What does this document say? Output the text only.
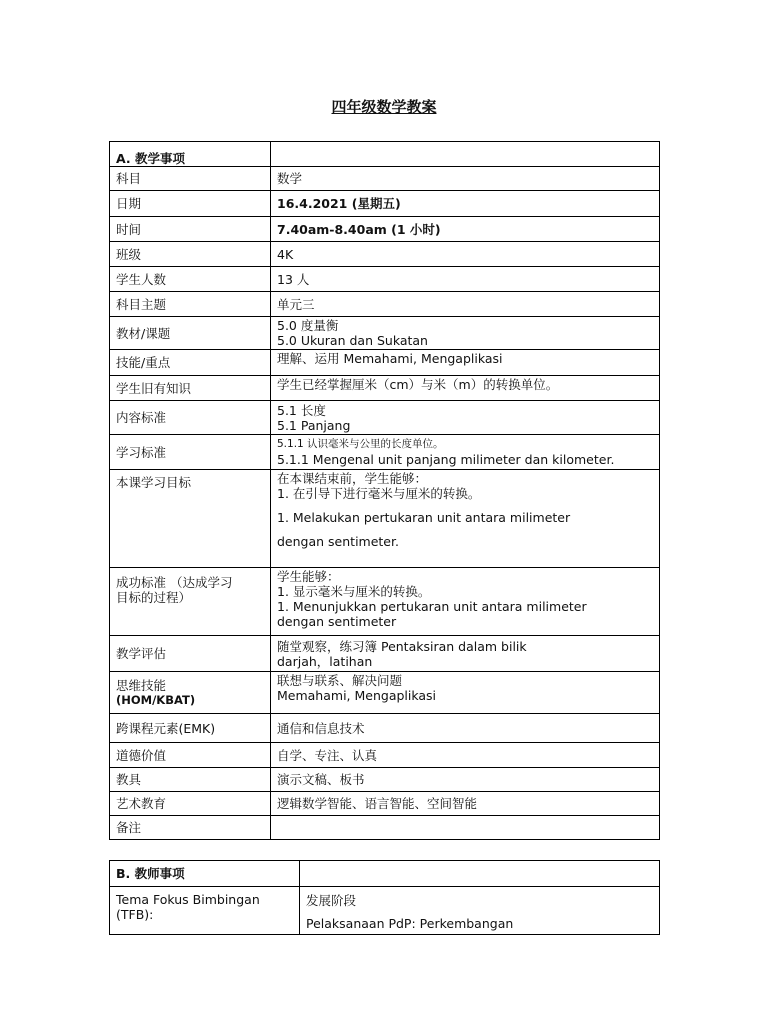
四年级数学教案
A. 教学事项	
科目	数学
日期	16.4.2021 (星期五)
时间	7.40am-8.40am (1 小时)
班级	4K
学生人数	13 人
科目主题	单元三
教材/课题	5.0 度量衡
5.0 Ukuran dan Sukatan

技能/重点	理解、运用 Memahami, Mengaplikasi
学生旧有知识	学生已经掌握厘米（cm）与米（m）的转换单位。
内容标准	5.1 长度
5.1 Panjang

学习标准	5.1.1 认识毫米与公里的长度单位。
5.1.1 Mengenal unit panjang milimeter dan kilometer.

本课学习目标	在本课结束前，学生能够：
1. 在引导下进行毫米与厘米的转换。
1. Melakukan pertukaran unit antara milimeter
dengan sentimeter.

成功标准 （达成学习
目标的过程）	学生能够：
1. 显示毫米与厘米的转换。
1. Menunjukkan pertukaran unit antara milimeter
dengan sentimeter

教学评估	随堂观察，练习簿 Pentaksiran dalam bilik
darjah，latihan

思维技能
(HOM/KBAT)	联想与联系、解决问题
Memahami, Mengaplikasi

跨课程元素(EMK)	通信和信息技术
道德价值	自学、专注、认真
教具	演示文稿、板书
艺术教育	逻辑数学智能、语言智能、空间智能
备注	
B. 教师事项	

Tema Fokus Bimbingan
(TFB):	发展阶段
Pelaksanaan PdP: Perkembangan
